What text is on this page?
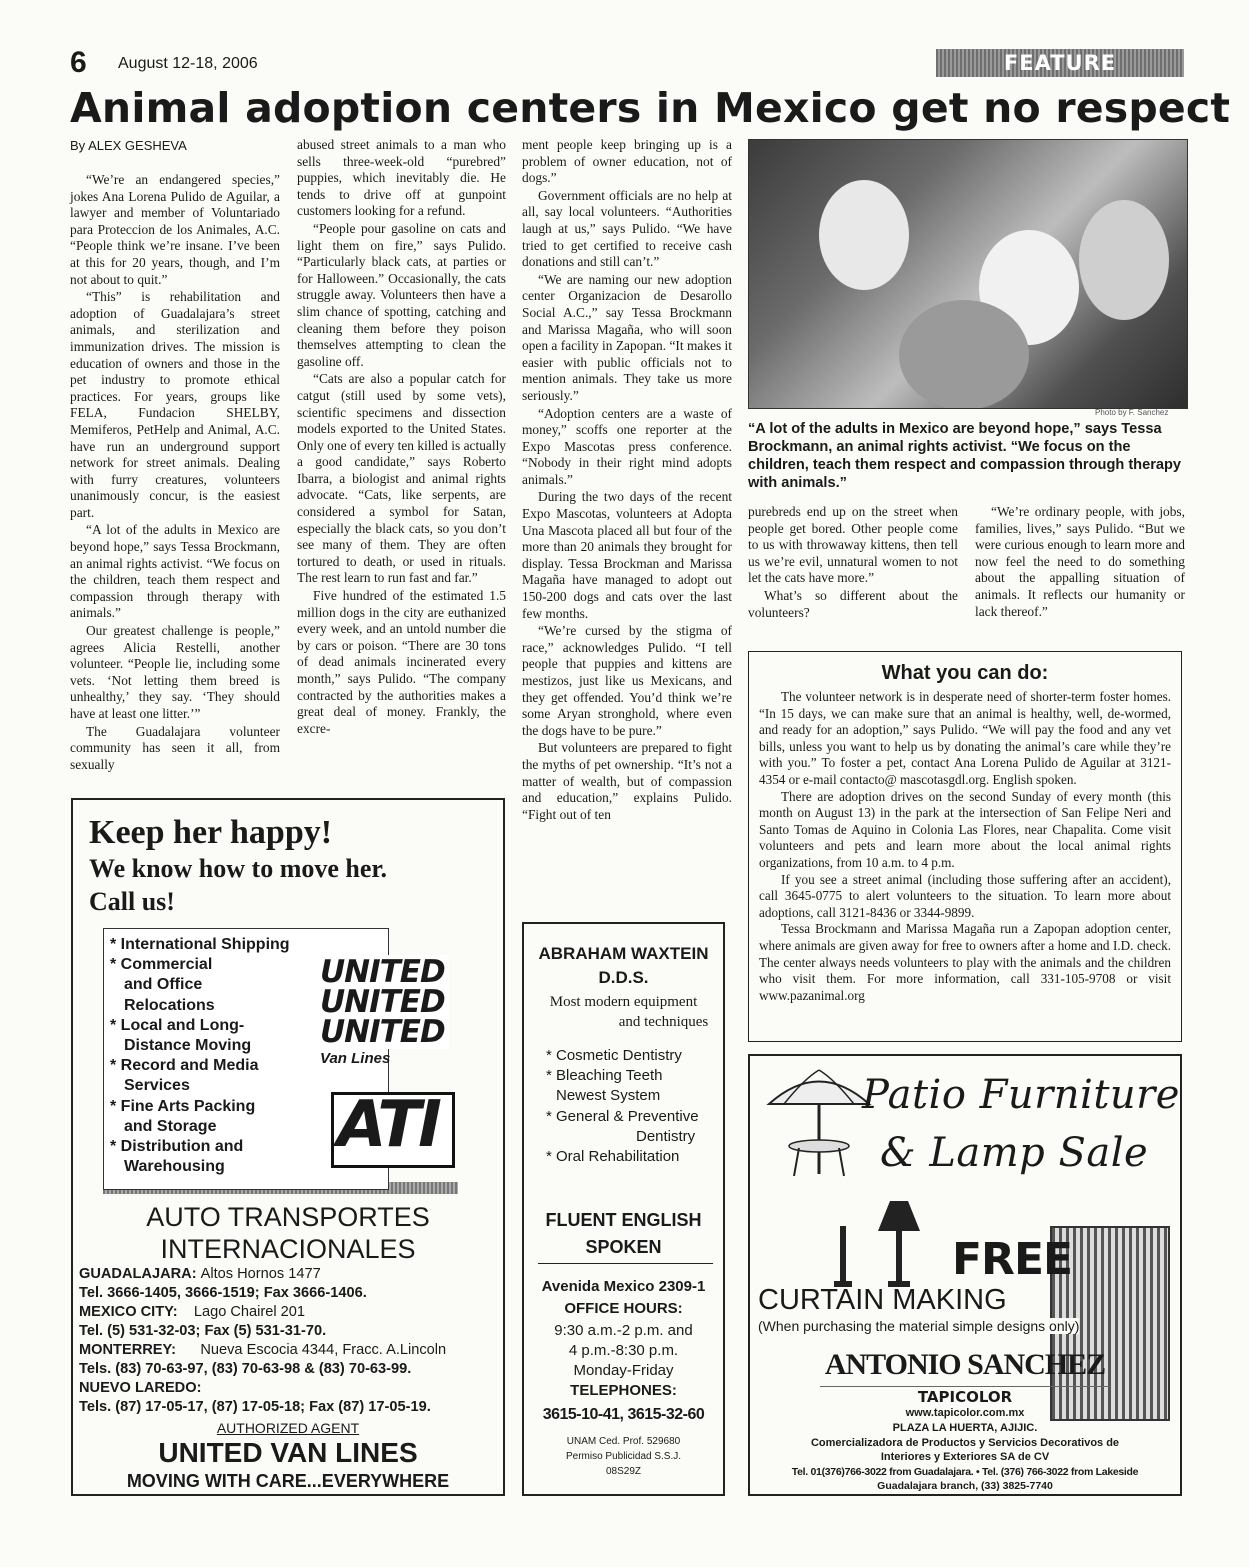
6 August 12-18, 2006	FEATURE
Animal adoption centers in Mexico get no respect
By ALEX GESHEVA

“We’re an endangered species,” jokes Ana Lorena Pulido de Aguilar, a lawyer and member of Voluntariado para Proteccion de los Animales, A.C. “People think we’re insane. I’ve been at this for 20 years, though, and I’m not about to quit.”

“This” is rehabilitation and adoption of Guadalajara’s street animals, and sterilization and immunization drives. The mission is education of owners and those in the pet industry to promote ethical practices. For years, groups like FELA, Fundacion SHELBY, Memiferos, PetHelp and Animal, A.C. have run an underground support network for street animals. Dealing with furry creatures, volunteers unanimously concur, is the easiest part.

“A lot of the adults in Mexico are beyond hope,” says Tessa Brockmann, an animal rights activist. “We focus on the children, teach them respect and compassion through therapy with animals.”

Our greatest challenge is people,” agrees Alicia Restelli, another volunteer. “People lie, including some vets. ‘Not letting them breed is unhealthy,’ they say. ‘They should have at least one litter.’”

The Guadalajara volunteer community has seen it all, from sexually

abused street animals to a man who sells three-week-old “purebred” puppies, which inevitably die. He tends to drive off at gunpoint customers looking for a refund.

“People pour gasoline on cats and light them on fire,” says Pulido. “Particularly black cats, at parties or for Halloween.” Occasionally, the cats struggle away. Volunteers then have a slim chance of spotting, catching and cleaning them before they poison themselves attempting to clean the gasoline off.

“Cats are also a popular catch for catgut (still used by some vets), scientific specimens and dissection models exported to the United States. Only one of every ten killed is actually a good candidate,” says Roberto Ibarra, a biologist and animal rights advocate. “Cats, like serpents, are considered a symbol for Satan, especially the black cats, so you don’t see many of them. They are often tortured to death, or used in rituals. The rest learn to run fast and far.”

Five hundred of the estimated 1.5 million dogs in the city are euthanized every week, and an untold number die by cars or poison. “There are 30 tons of dead animals incinerated every month,” says Pulido. “The company contracted by the authorities makes a great deal of money. Frankly, the excre-

ment people keep bringing up is a problem of owner education, not of dogs.”

Government officials are no help at all, say local volunteers. “Authorities laugh at us,” says Pulido. “We have tried to get certified to receive cash donations and still can’t.”

“We are naming our new adoption center Organizacion de Desarollo Social A.C.,” say Tessa Brockmann and Marissa Magaña, who will soon open a facility in Zapopan. “It makes it easier with public officials not to mention animals. They take us more seriously.”

“Adoption centers are a waste of money,” scoffs one reporter at the Expo Mascotas press conference. “Nobody in their right mind adopts animals.”

During the two days of the recent Expo Mascotas, volunteers at Adopta Una Mascota placed all but four of the more than 20 animals they brought for display. Tessa Brockman and Marissa Magaña have managed to adopt out 150-200 dogs and cats over the last few months.

“We’re cursed by the stigma of race,” acknowledges Pulido. “I tell people that puppies and kittens are mestizos, just like us Mexicans, and they get offended. You’d think we’re some Aryan stronghold, where even the dogs have to be pure.”

But volunteers are prepared to fight the myths of pet ownership. “It’s not a matter of wealth, but of compassion and education,” explains Pulido. “Fight out of ten

Photo by F. Sanchez
“A lot of the adults in Mexico are beyond hope,” says Tessa Brockmann, an animal rights activist. “We focus on the children, teach them respect and compassion through therapy with animals.”

purebreds end up on the street when people get bored. Other people come to us with throwaway kittens, then tell us we’re evil, unnatural women to not let the cats have more.”

What’s so different about the volunteers?

“We’re ordinary people, with jobs, families, lives,” says Pulido. “But we were curious enough to learn more and now feel the need to do something about the appalling situation of animals. It reflects our humanity or lack thereof.”

What you can do:

The volunteer network is in desperate need of shorter-term foster homes. “In 15 days, we can make sure that an animal is healthy, well, de-wormed, and ready for an adoption,” says Pulido. “We will pay the food and any vet bills, unless you want to help us by donating the animal’s care while they’re with you.” To foster a pet, contact Ana Lorena Pulido de Aguilar at 3121-4354 or e-mail contacto@ mascotasgdl.org. English spoken.

There are adoption drives on the second Sunday of every month (this month on August 13) in the park at the intersection of San Felipe Neri and Santo Tomas de Aquino in Colonia Las Flores, near Chapalita. Come visit volunteers and pets and learn more about the local animal rights organizations, from 10 a.m. to 4 p.m.

If you see a street animal (including those suffering after an accident), call 3645-0775 to alert volunteers to the situation. To learn more about adoptions, call 3121-8436 or 3344-9899.

Tessa Brockmann and Marissa Magaña run a Zapopan adoption center, where animals are given away for free to owners after a home and I.D. check. The center always needs volunteers to play with the animals and the children who visit them. For more information, call 331-105-9708 or visit www.pazanimal.org

Keep her happy!
We know how to move her.
Call us!
* International Shipping
* Commercial
and Office
Relocations
* Local and Long-
Distance Moving
* Record and Media
Services
* Fine Arts Packing
and Storage
* Distribution and
Warehousing
UNITED
UNITED
UNITED
Van Lines
ATI
AUTO TRANSPORTES
INTERNACIONALES
GUADALAJARA: Altos Hornos 1477
Tel. 3666-1405, 3666-1519; Fax 3666-1406.
MEXICO CITY: Lago Chairel 201
Tel. (5) 531-32-03; Fax (5) 531-31-70.
MONTERREY: Nueva Escocia 4344, Fracc. A.Lincoln
Tels. (83) 70-63-97, (83) 70-63-98 & (83) 70-63-99.
NUEVO LAREDO:
Tels. (87) 17-05-17, (87) 17-05-18; Fax (87) 17-05-19.
AUTHORIZED AGENT
UNITED VAN LINES
MOVING WITH CARE...EVERYWHERE
ABRAHAM WAXTEIN
D.D.S.
Most modern equipment
and techniques
* Cosmetic Dentistry
* Bleaching Teeth
Newest System
* General & Preventive
Dentistry
* Oral Rehabilitation
FLUENT ENGLISH
SPOKEN
Avenida Mexico 2309-1
OFFICE HOURS:
9:30 a.m.-2 p.m. and
4 p.m.-8:30 p.m.
Monday-Friday
TELEPHONES:
3615-10-41, 3615-32-60
UNAM Ced. Prof. 529680
Permiso Publicidad S.S.J.
08S29Z
Patio Furniture
& Lamp Sale
FREE
CURTAIN MAKING
(When purchasing the material simple designs only)
ANTONIO SANCHEZ
TAPICOLOR
www.tapicolor.com.mx
PLAZA LA HUERTA, AJIJIC.
Comercializadora de Productos y Servicios Decorativos de
Interiores y Exteriores SA de CV
Tel. 01(376)766-3022 from Guadalajara. • Tel. (376) 766-3022 from Lakeside
Guadalajara branch, (33) 3825-7740
